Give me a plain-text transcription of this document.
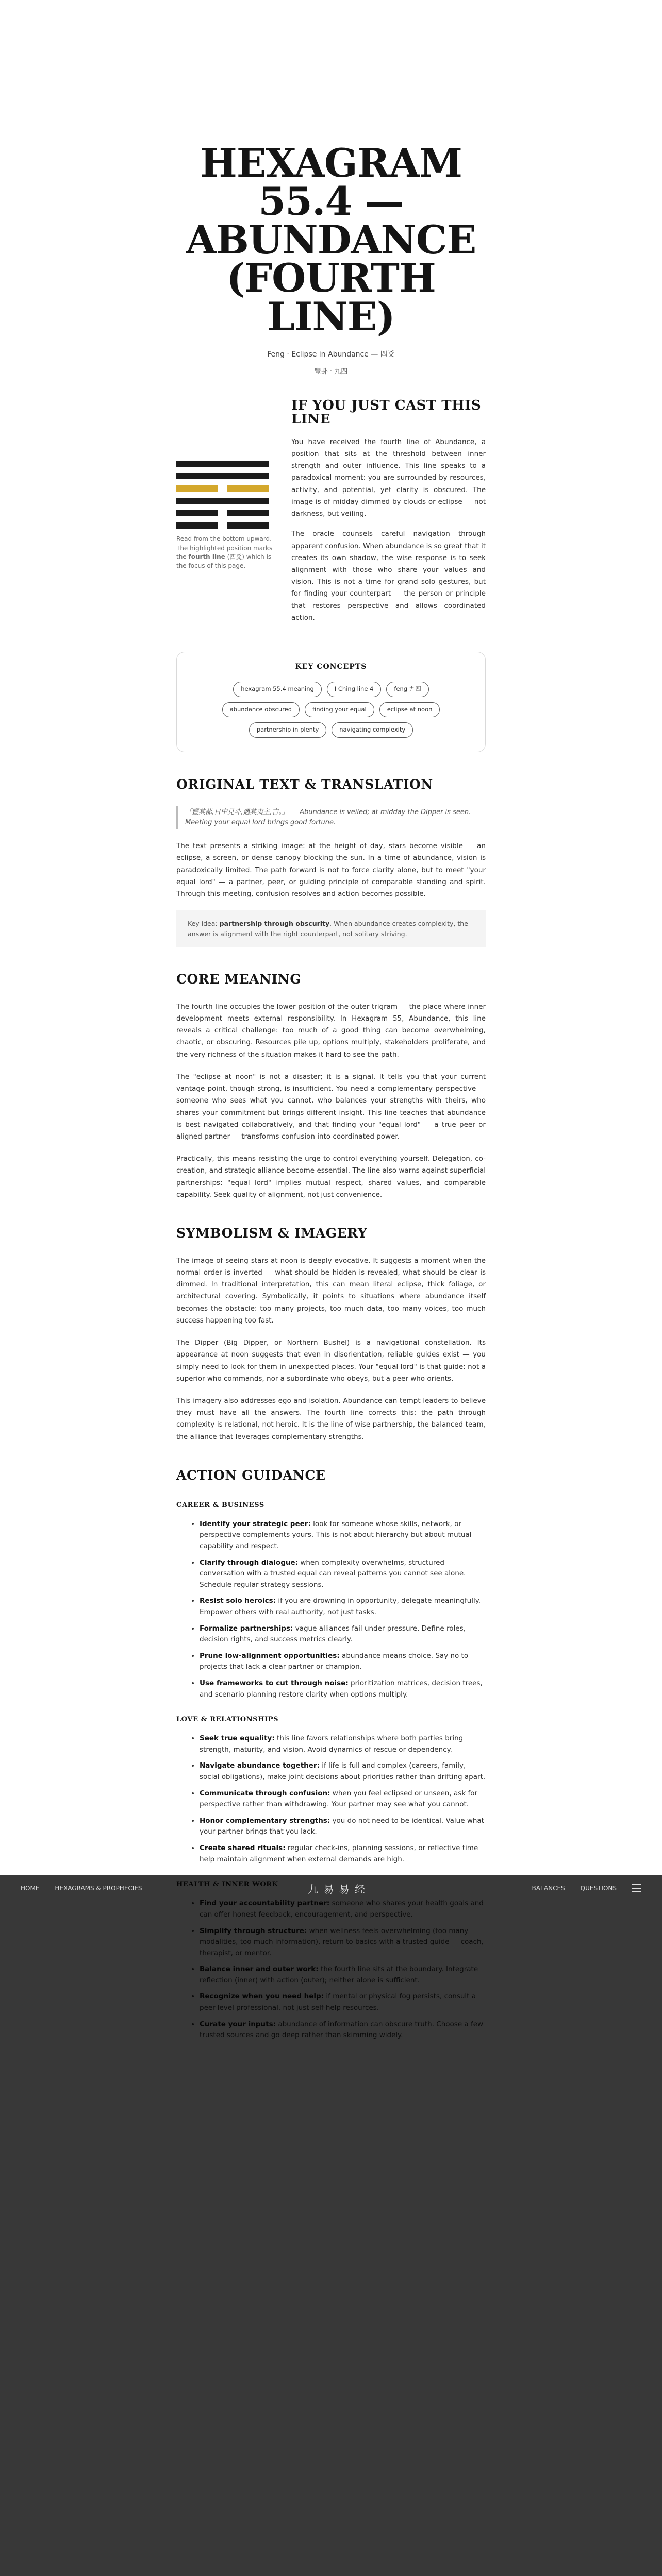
HEXAGRAM 55.4 — ABUNDANCE (FOURTH LINE)
Feng · Eclipse in Abundance — 四爻
豐卦 · 九四
Read from the bottom upward. The highlighted position marks the fourth line (四爻) which is the focus of this page.
IF YOU JUST CAST THIS LINE

You have received the fourth line of Abundance, a position that sits at the threshold between inner strength and outer influence. This line speaks to a paradoxical moment: you are surrounded by resources, activity, and potential, yet clarity is obscured. The image is of midday dimmed by clouds or eclipse — not darkness, but veiling.

The oracle counsels careful navigation through apparent confusion. When abundance is so great that it creates its own shadow, the wise response is to seek alignment with those who share your values and vision. This is not a time for grand solo gestures, but for finding your counterpart — the person or principle that restores perspective and allows coordinated action.

KEY CONCEPTS
hexagram 55.4 meaning	I Ching line 4	feng 九四abundance obscured	finding your equal	eclipse at noonpartnership in plenty	navigating complexity
ORIGINAL TEXT & TRANSLATION
「豐其蔀,日中見斗,遇其夷主,吉。」 — Abundance is veiled; at midday the Dipper is seen. Meeting your equal lord brings good fortune.

The text presents a striking image: at the height of day, stars become visible — an eclipse, a screen, or dense canopy blocking the sun. In a time of abundance, vision is paradoxically limited. The path forward is not to force clarity alone, but to meet "your equal lord" — a partner, peer, or guiding principle of comparable standing and spirit. Through this meeting, confusion resolves and action becomes possible.

Key idea: partnership through obscurity. When abundance creates complexity, the answer is alignment with the right counterpart, not solitary striving.
CORE MEANING

The fourth line occupies the lower position of the outer trigram — the place where inner development meets external responsibility. In Hexagram 55, Abundance, this line reveals a critical challenge: too much of a good thing can become overwhelming, chaotic, or obscuring. Resources pile up, options multiply, stakeholders proliferate, and the very richness of the situation makes it hard to see the path.

The "eclipse at noon" is not a disaster; it is a signal. It tells you that your current vantage point, though strong, is insufficient. You need a complementary perspective — someone who sees what you cannot, who balances your strengths with theirs, who shares your commitment but brings different insight. This line teaches that abundance is best navigated collaboratively, and that finding your "equal lord" — a true peer or aligned partner — transforms confusion into coordinated power.

Practically, this means resisting the urge to control everything yourself. Delegation, co-creation, and strategic alliance become essential. The line also warns against superficial partnerships: "equal lord" implies mutual respect, shared values, and comparable capability. Seek quality of alignment, not just convenience.

SYMBOLISM & IMAGERY

The image of seeing stars at noon is deeply evocative. It suggests a moment when the normal order is inverted — what should be hidden is revealed, what should be clear is dimmed. In traditional interpretation, this can mean literal eclipse, thick foliage, or architectural covering. Symbolically, it points to situations where abundance itself becomes the obstacle: too many projects, too much data, too many voices, too much success happening too fast.

The Dipper (Big Dipper, or Northern Bushel) is a navigational constellation. Its appearance at noon suggests that even in disorientation, reliable guides exist — you simply need to look for them in unexpected places. Your "equal lord" is that guide: not a superior who commands, nor a subordinate who obeys, but a peer who orients.

This imagery also addresses ego and isolation. Abundance can tempt leaders to believe they must have all the answers. The fourth line corrects this: the path through complexity is relational, not heroic. It is the line of wise partnership, the balanced team, the alliance that leverages complementary strengths.

ACTION GUIDANCE
CAREER & BUSINESS
• Identify your strategic peer: look for someone whose skills, network, or perspective complements yours. This is not about hierarchy but about mutual capability and respect.
• Clarify through dialogue: when complexity overwhelms, structured conversation with a trusted equal can reveal patterns you cannot see alone. Schedule regular strategy sessions.
• Resist solo heroics: if you are drowning in opportunity, delegate meaningfully. Empower others with real authority, not just tasks.
• Formalize partnerships: vague alliances fail under pressure. Define roles, decision rights, and success metrics clearly.
• Prune low-alignment opportunities: abundance means choice. Say no to projects that lack a clear partner or champion.
• Use frameworks to cut through noise: prioritization matrices, decision trees, and scenario planning restore clarity when options multiply.
LOVE & RELATIONSHIPS
• Seek true equality: this line favors relationships where both parties bring strength, maturity, and vision. Avoid dynamics of rescue or dependency.
• Navigate abundance together: if life is full and complex (careers, family, social obligations), make joint decisions about priorities rather than drifting apart.
• Communicate through confusion: when you feel eclipsed or unseen, ask for perspective rather than withdrawing. Your partner may see what you cannot.
• Honor complementary strengths: you do not need to be identical. Value what your partner brings that you lack.
• Create shared rituals: regular check-ins, planning sessions, or reflective time help maintain alignment when external demands are high.
•
•
•
•
•
HOME	HEXAGRAMS & PROPHECIES	九 易 易 经	BALANCES	QUESTIONS
